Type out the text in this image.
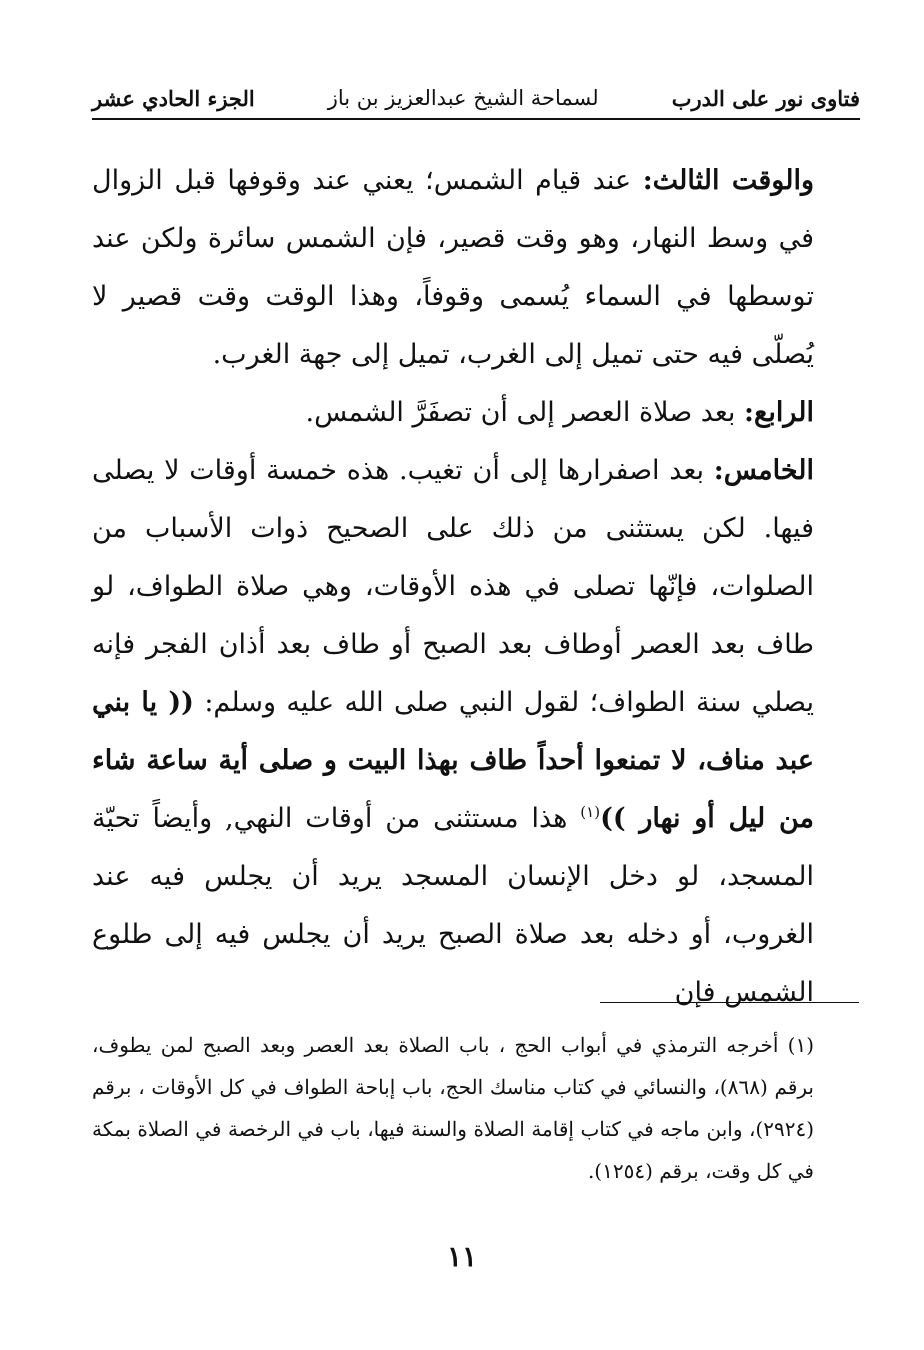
فتاوى نور على الدرب
لسماحة الشيخ عبدالعزيز بن باز
الجزء الحادي عشر

والوقت الثالث: عند قيام الشمس؛ يعني عند وقوفها قبل الزوال في وسط النهار، وهو وقت قصير، فإن الشمس سائرة ولكن عند توسطها في السماء يُسمى وقوفاً، وهذا الوقت وقت قصير لا يُصلّى فيه حتى تميل إلى الغرب، تميل إلى جهة الغرب.

الرابع: بعد صلاة العصر إلى أن تصفَرَّ الشمس.

الخامس: بعد اصفرارها إلى أن تغيب. هذه خمسة أوقات لا يصلى فيها. لكن يستثنى من ذلك على الصحيح ذوات الأسباب من الصلوات، فإنّها تصلى في هذه الأوقات، وهي صلاة الطواف، لو طاف بعد العصر أوطاف بعد الصبح أو طاف بعد أذان الفجر فإنه يصلي سنة الطواف؛ لقول النبي صلى الله عليه وسلم: (( يا بني عبد مناف، لا تمنعوا أحداً طاف بهذا البيت و صلى أية ساعة شاء من ليل أو نهار ))$^{(١)}$ هذا مستثنى من أوقات النهي, وأيضاً تحيّة المسجد، لو دخل الإنسان المسجد يريد أن يجلس فيه عند الغروب، أو دخله بعد صلاة الصبح يريد أن يجلس فيه إلى طلوع الشمس فإن

(١) أخرجه الترمذي في أبواب الحج ، باب الصلاة بعد العصر وبعد الصبح لمن يطوف، برقم (٨٦٨)، والنسائي في كتاب مناسك الحج، باب إباحة الطواف في كل الأوقات ، برقم (٢٩٢٤)، وابن ماجه في كتاب إقامة الصلاة والسنة فيها، باب في الرخصة في الصلاة بمكة في كل وقت، برقم (١٢٥٤).
١١
